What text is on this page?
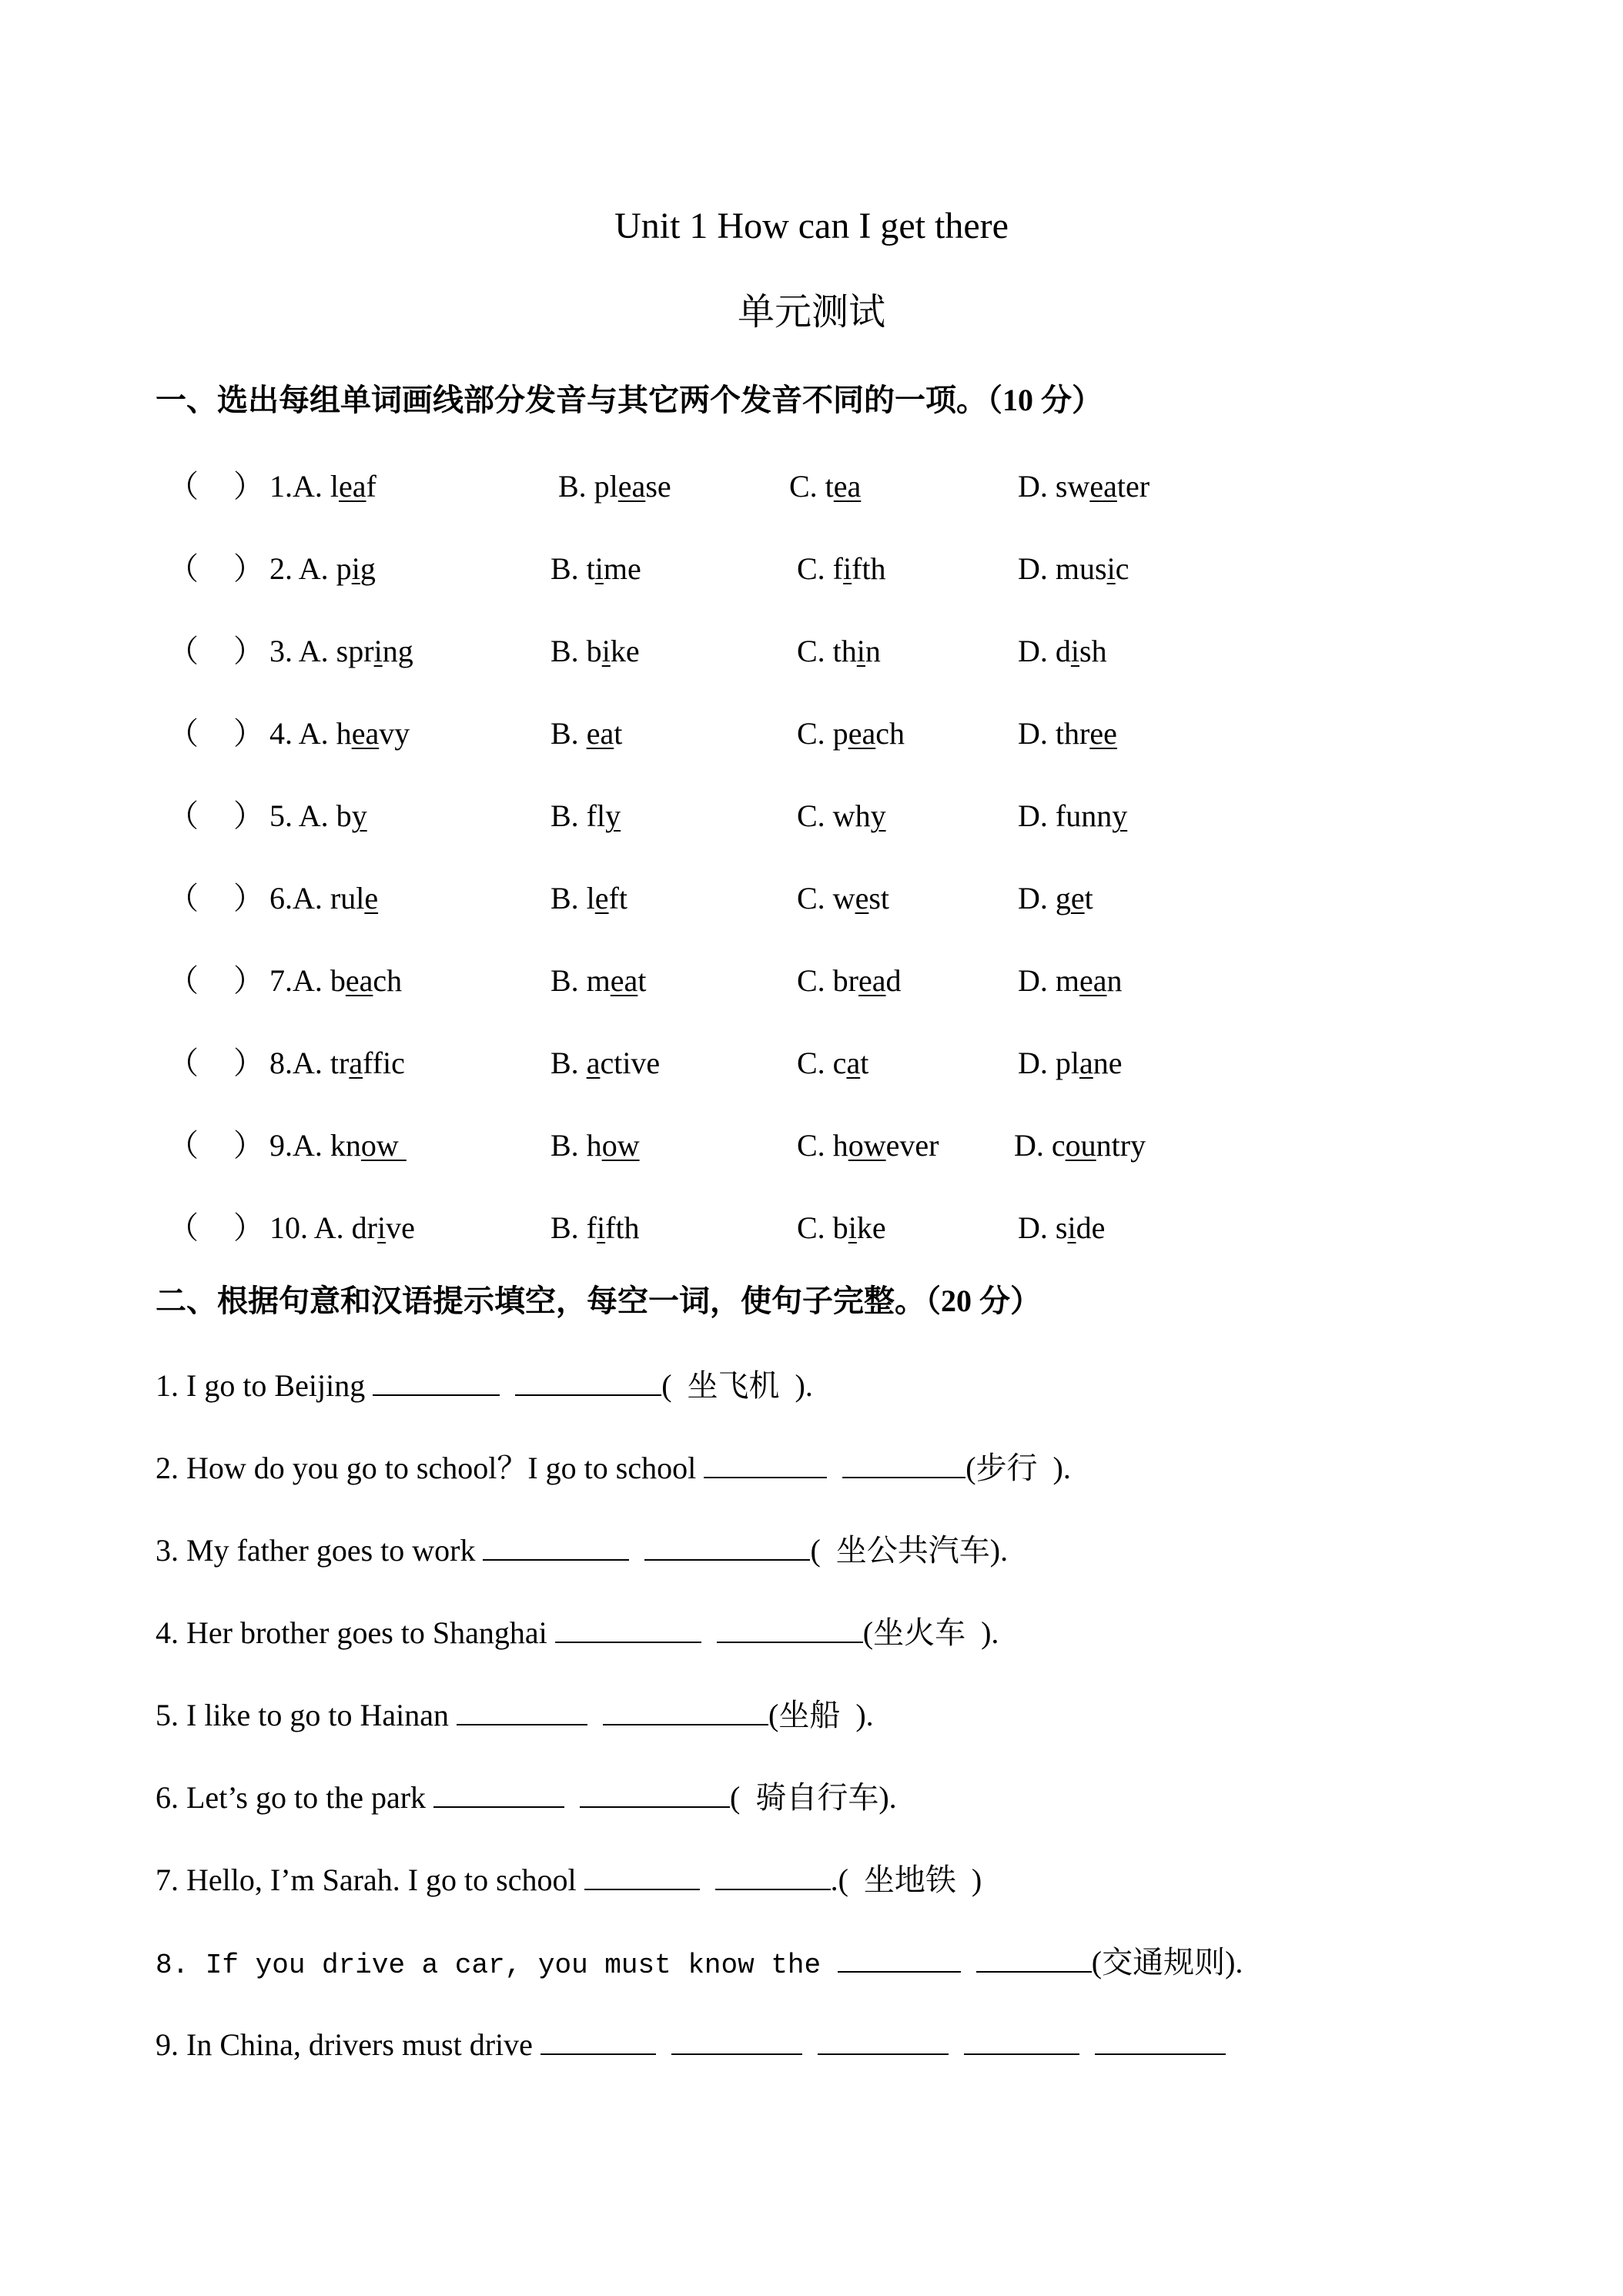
Unit 1 How can I get there
单元测试
一、选出每组单词画线部分发音与其它两个发音不同的一项。（10 分）
（ ） 1.A. leaf	B. please	C. tea	D. sweater
（ ） 2. A. pig	B. time	C. fifth	D. music
（ ） 3. A. spring	B. bike	C. thin	D. dish
（ ） 4. A. heavy	B. eat	C. peach	D. three
（ ） 5. A. by	B. fly	C. why	D. funny
（ ） 6.A. rule	B. left	C. west	D. get
（ ） 7.A. beach	B. meat	C. bread	D. mean
（ ） 8.A. traffic	B. active	C. cat	D. plane
（ ） 9.A. know	B. how	C. however D. country
（ ） 10. A. drive	B. fifth	C. bike	D. side
二、根据句意和汉语提示填空，每空一词，使句子完整。（20 分）
1. I go to Beijing	(  坐飞机  ).
2. How do you go to school？I go to school	(步行  ).
3. My father goes to work	(  坐公共汽车).
4. Her brother goes to Shanghai	(坐火车  ).
5. I like to go to Hainan	(坐船  ).
6. Let’s go to the park	(  骑自行车).
7. Hello, I’m Sarah. I go to school	.(  坐地铁  )
8. If you drive a car, you must know the	(交通规则).
9. In China, drivers must drive
